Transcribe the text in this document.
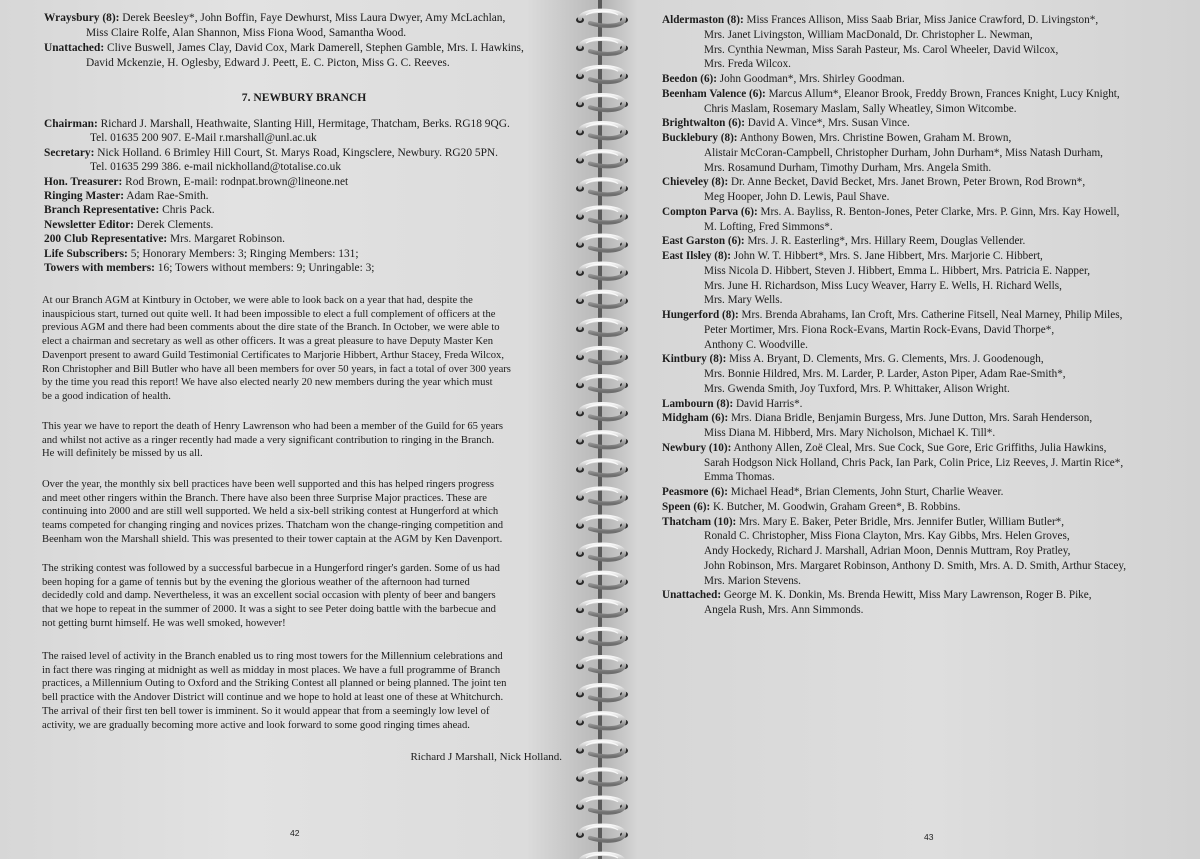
Wraysbury (8): Derek Beesley*, John Boffin, Faye Dewhurst, Miss Laura Dwyer, Amy McLachlan,
Miss Claire Rolfe, Alan Shannon, Miss Fiona Wood, Samantha Wood.
Unattached: Clive Buswell, James Clay, David Cox, Mark Damerell, Stephen Gamble, Mrs. I. Hawkins,
David Mckenzie, H. Oglesby, Edward J. Peett, E. C. Picton, Miss G. C. Reeves.
7. NEWBURY BRANCH
Chairman: Richard J. Marshall, Heathwaite, Slanting Hill, Hermitage, Thatcham, Berks. RG18 9QG.
Tel. 01635 200 907. E-Mail r.marshall@unl.ac.uk
Secretary: Nick Holland. 6 Brimley Hill Court, St. Marys Road, Kingsclere, Newbury. RG20 5PN.
Tel. 01635 299 386. e-mail nickholland@totalise.co.uk
Hon. Treasurer: Rod Brown, E-mail: rodnpat.brown@lineone.net
Ringing Master: Adam Rae-Smith.
Branch Representative: Chris Pack.
Newsletter Editor: Derek Clements.
200 Club Representative: Mrs. Margaret Robinson.
Life Subscribers: 5; Honorary Members: 3; Ringing Members: 131;
Towers with members: 16; Towers without members: 9; Unringable: 3;

At our Branch AGM at Kintbury in October, we were able to look back on a year that had, despite the
inauspicious start, turned out quite well. It had been impossible to elect a full complement of officers at the
previous AGM and there had been comments about the dire state of the Branch. In October, we were able to
elect a chairman and secretary as well as other officers. It was a great pleasure to have Deputy Master Ken
Davenport present to award Guild Testimonial Certificates to Marjorie Hibbert, Arthur Stacey, Freda Wilcox,
Ron Christopher and Bill Butler who have all been members for over 50 years, in fact a total of over 300 years
by the time you read this report! We have also elected nearly 20 new members during the year which must
be a good indication of health.

This year we have to report the death of Henry Lawrenson who had been a member of the Guild for 65 years
and whilst not active as a ringer recently had made a very significant contribution to ringing in the Branch.
He will definitely be missed by us all.

Over the year, the monthly six bell practices have been well supported and this has helped ringers progress
and meet other ringers within the Branch. There have also been three Surprise Major practices. These are
continuing into 2000 and are still well supported. We held a six-bell striking contest at Hungerford at which
teams competed for changing ringing and novices prizes. Thatcham won the change-ringing competition and
Beenham won the Marshall shield. This was presented to their tower captain at the AGM by Ken Davenport.

The striking contest was followed by a successful barbecue in a Hungerford ringer's garden. Some of us had
been hoping for a game of tennis but by the evening the glorious weather of the afternoon had turned
decidedly cold and damp. Nevertheless, it was an excellent social occasion with plenty of beer and bangers
that we hope to repeat in the summer of 2000. It was a sight to see Peter doing battle with the barbecue and
not getting burnt himself. He was well smoked, however!

The raised level of activity in the Branch enabled us to ring most towers for the Millennium celebrations and
in fact there was ringing at midnight as well as midday in most places. We have a full programme of Branch
practices, a Millennium Outing to Oxford and the Striking Contest all planned or being planned. The joint ten
bell practice with the Andover District will continue and we hope to hold at least one of these at Whitchurch.
The arrival of their first ten bell tower is imminent. So it would appear that from a seemingly low level of
activity, we are gradually becoming more active and look forward to some good ringing times ahead.

Richard J Marshall, Nick Holland.
42
Aldermaston (8): Miss Frances Allison, Miss Saab Briar, Miss Janice Crawford, D. Livingston*,
Mrs. Janet Livingston, William MacDonald, Dr. Christopher L. Newman,
Mrs. Cynthia Newman, Miss Sarah Pasteur, Ms. Carol Wheeler, David Wilcox,
Mrs. Freda Wilcox.
Beedon (6): John Goodman*, Mrs. Shirley Goodman.
Beenham Valence (6): Marcus Allum*, Eleanor Brook, Freddy Brown, Frances Knight, Lucy Knight,
Chris Maslam, Rosemary Maslam, Sally Wheatley, Simon Witcombe.
Brightwalton (6): David A. Vince*, Mrs. Susan Vince.
Bucklebury (8): Anthony Bowen, Mrs. Christine Bowen, Graham M. Brown,
Alistair McCoran-Campbell, Christopher Durham, John Durham*, Miss Natash Durham,
Mrs. Rosamund Durham, Timothy Durham, Mrs. Angela Smith.
Chieveley (8): Dr. Anne Becket, David Becket, Mrs. Janet Brown, Peter Brown, Rod Brown*,
Meg Hooper, John D. Lewis, Paul Shave.
Compton Parva (6): Mrs. A. Bayliss, R. Benton-Jones, Peter Clarke, Mrs. P. Ginn, Mrs. Kay Howell,
M. Lofting, Fred Simmons*.
East Garston (6): Mrs. J. R. Easterling*, Mrs. Hillary Reem, Douglas Vellender.
East Ilsley (8): John W. T. Hibbert*, Mrs. S. Jane Hibbert, Mrs. Marjorie C. Hibbert,
Miss Nicola D. Hibbert, Steven J. Hibbert, Emma L. Hibbert, Mrs. Patricia E. Napper,
Mrs. June H. Richardson, Miss Lucy Weaver, Harry E. Wells, H. Richard Wells,
Mrs. Mary Wells.
Hungerford (8): Mrs. Brenda Abrahams, Ian Croft, Mrs. Catherine Fitsell, Neal Marney, Philip Miles,
Peter Mortimer, Mrs. Fiona Rock-Evans, Martin Rock-Evans, David Thorpe*,
Anthony C. Woodville.
Kintbury (8): Miss A. Bryant, D. Clements, Mrs. G. Clements, Mrs. J. Goodenough,
Mrs. Bonnie Hildred, Mrs. M. Larder, P. Larder, Aston Piper, Adam Rae-Smith*,
Mrs. Gwenda Smith, Joy Tuxford, Mrs. P. Whittaker, Alison Wright.
Lambourn (8): David Harris*.
Midgham (6): Mrs. Diana Bridle, Benjamin Burgess, Mrs. June Dutton, Mrs. Sarah Henderson,
Miss Diana M. Hibberd, Mrs. Mary Nicholson, Michael K. Till*.
Newbury (10): Anthony Allen, Zoë Cleal, Mrs. Sue Cock, Sue Gore, Eric Griffiths, Julia Hawkins,
Sarah Hodgson Nick Holland, Chris Pack, Ian Park, Colin Price, Liz Reeves, J. Martin Rice*,
Emma Thomas.
Peasmore (6): Michael Head*, Brian Clements, John Sturt, Charlie Weaver.
Speen (6): K. Butcher, M. Goodwin, Graham Green*, B. Robbins.
Thatcham (10): Mrs. Mary E. Baker, Peter Bridle, Mrs. Jennifer Butler, William Butler*,
Ronald C. Christopher, Miss Fiona Clayton, Mrs. Kay Gibbs, Mrs. Helen Groves,
Andy Hockedy, Richard J. Marshall, Adrian Moon, Dennis Muttram, Roy Pratley,
John Robinson, Mrs. Margaret Robinson, Anthony D. Smith, Mrs. A. D. Smith, Arthur Stacey,
Mrs. Marion Stevens.
Unattached: George M. K. Donkin, Ms. Brenda Hewitt, Miss Mary Lawrenson, Roger B. Pike,
Angela Rush, Mrs. Ann Simmonds.
43
